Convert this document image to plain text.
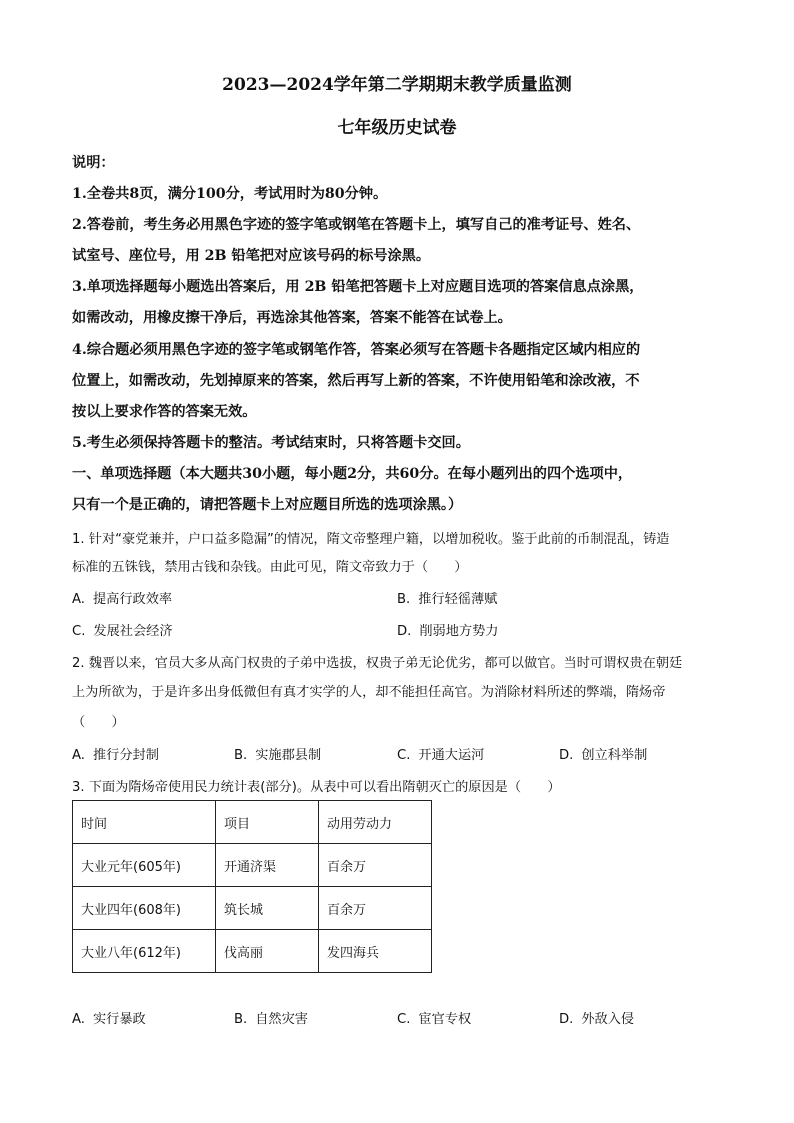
2023—2024学年第二学期期末教学质量监测
七年级历史试卷
说明：
1.全卷共8页，满分100分，考试用时为80分钟。
2.答卷前，考生务必用黑色字迹的签字笔或钢笔在答题卡上，填写自己的准考证号、姓名、
试室号、座位号，用 2B 铅笔把对应该号码的标号涂黑。
3.单项选择题每小题选出答案后，用 2B 铅笔把答题卡上对应题目选项的答案信息点涂黑，
如需改动，用橡皮擦干净后，再选涂其他答案，答案不能答在试卷上。
4.综合题必须用黑色字迹的签字笔或钢笔作答，答案必须写在答题卡各题指定区域内相应的
位置上，如需改动，先划掉原来的答案，然后再写上新的答案，不许使用铅笔和涂改液，不
按以上要求作答的答案无效。
5.考生必须保持答题卡的整洁。考试结束时，只将答题卡交回。
一、单项选择题（本大题共30小题，每小题2分，共60分。在每小题列出的四个选项中，
只有一个是正确的，请把答题卡上对应题目所选的选项涂黑。）
1. 针对“豪党兼并，户口益多隐漏”的情况，隋文帝整理户籍，以增加税收。鉴于此前的币制混乱，铸造
标准的五铢钱，禁用古钱和杂钱。由此可见，隋文帝致力于（　　）
A. 提高行政效率	B. 推行轻徭薄赋
C. 发展社会经济	D. 削弱地方势力
2. 魏晋以来，官员大多从高门权贵的子弟中选拔，权贵子弟无论优劣，都可以做官。当时可谓权贵在朝廷
上为所欲为，于是许多出身低微但有真才实学的人，却不能担任高官。为消除材料所述的弊端，隋炀帝
（　　）
A. 推行分封制	B. 实施郡县制	C. 开通大运河	D. 创立科举制
3. 下面为隋炀帝使用民力统计表(部分)。从表中可以看出隋朝灭亡的原因是（　　）
时间	项目	动用劳动力
大业元年(605年)	开通济渠	百余万
大业四年(608年)	筑长城	百余万
大业八年(612年)	伐高丽	发四海兵
A. 实行暴政	B. 自然灾害	C. 宦官专权	D. 外敌入侵
